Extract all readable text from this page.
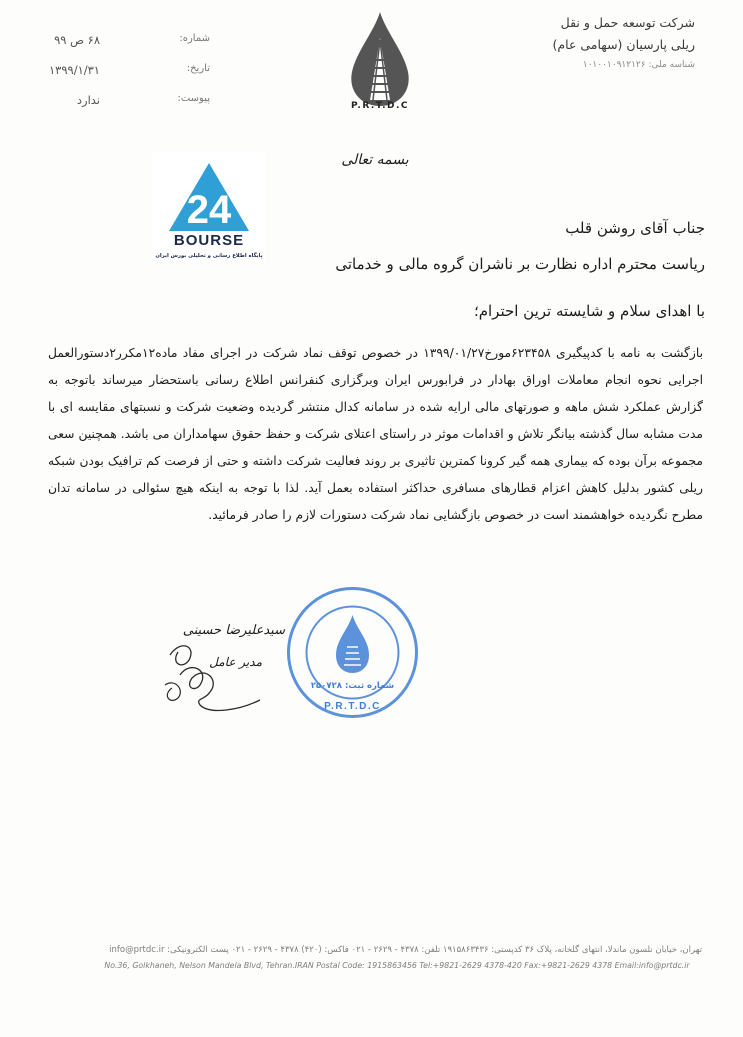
شرکت توسعه حمل و نقل
ریلی پارسیان (سهامی عام)
شناسه ملی: ۱۰۱۰۰۱۰۹۱۲۱۲۶
P.R.T.D.C
شماره:
۶۸ ص ۹۹
تاریخ:
۱۳۹۹/۱/۳۱
پیوست:
ندارد
24
BOURSE
پایگاه اطلاع رسانی و تحلیلی بورس ایران
بسمه تعالی
جناب آقای روشن قلب
ریاست محترم اداره نظارت بر ناشران گروه مالی و خدماتی
با اهدای سلام و شایسته ترین احترام؛
بازگشت به نامه با کدپیگیری ۶۲۳۴۵۸مورخ۱۳۹۹/۰۱/۲۷ در خصوص توقف نماد شرکت در اجرای مفاد ماده۱۲مکرر۲دستورالعمل اجرایی نحوه انجام معاملات اوراق بهادار در فرابورس ایران وبرگزاری کنفرانس اطلاع رسانی باستحضار میرساند باتوجه به گزارش عملکرد شش ماهه و صورتهای مالی ارایه شده در سامانه کدال منتشر گردیده وضعیت شرکت و نسبتهای مقایسه ای با مدت مشابه سال گذشته بیانگر تلاش و اقدامات موثر در راستای اعتلای شرکت و حفظ حقوق سهامداران می باشد. همچنین سعی مجموعه برآن بوده که بیماری همه گیر کرونا کمترین تاثیری بر روند فعالیت شرکت داشته و حتی از فرصت کم ترافیک بودن شبکه ریلی کشور بدلیل کاهش اعزام قطارهای مسافری حداکثر استفاده بعمل آید. لذا با توجه به اینکه هیچ سئوالی در سامانه تدان مطرح نگردیده خواهشمند است در خصوص بازگشایی نماد شرکت دستورات لازم را صادر فرمائید.
سیدعلیرضا حسینی
مدیر عامل
شماره ثبت: ۲۵۰۷۲۸
P.R.T.D.C
تهران، خیابان نلسون ماندلا، انتهای گلخانه، پلاک ۳۶ کدپستی: ۱۹۱۵۸۶۳۴۳۶ تلفن: ۴۳۷۸ - ۲۶۲۹ - ۰۲۱ فاکس: (۴۲۰) ۴۳۷۸ - ۲۶۲۹ - ۰۲۱ پست الکترونیکی: info@prtdc.ir
No.36, Golkhaneh, Nelson Mandela Blvd, Tehran.IRAN Postal Code: 1915863456 Tel:+9821-2629 4378-420 Fax:+9821-2629 4378 Email:info@prtdc.ir
